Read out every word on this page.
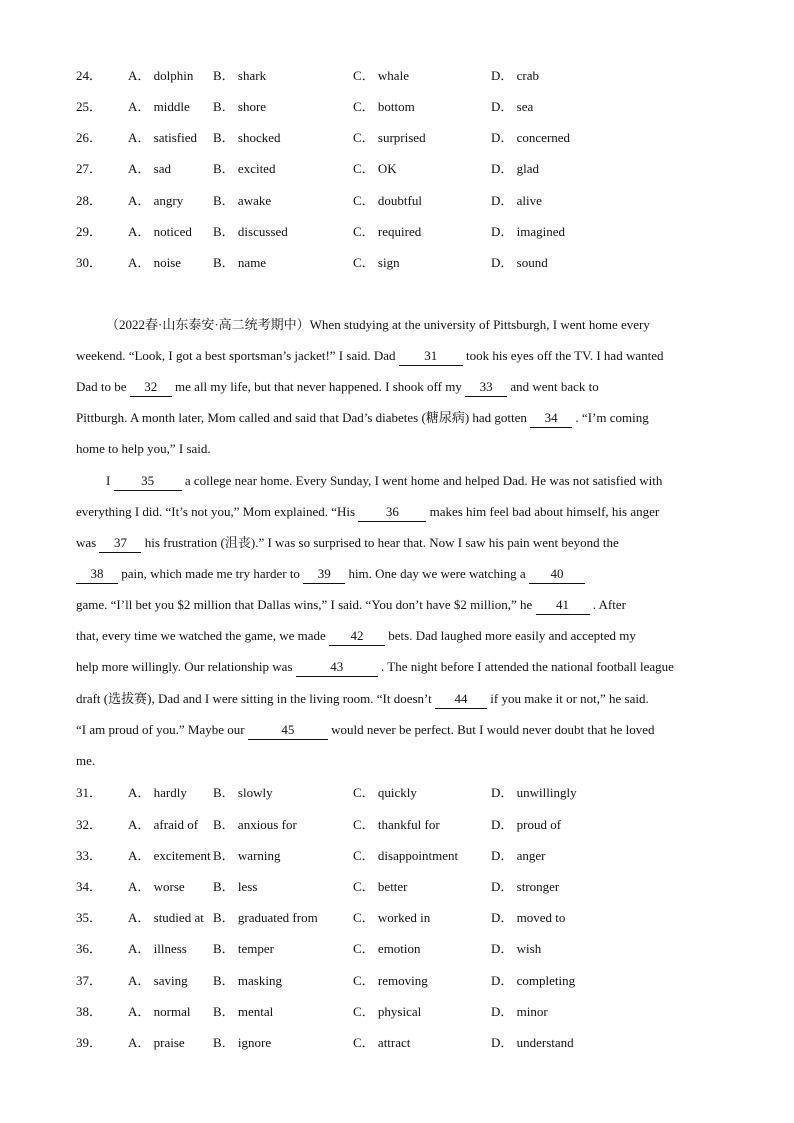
24． A． dolphin B． shark	C． whale	D． crab
25． A． middle B． shore	C． bottom	D． sea
26． A． satisfied B． shocked	C． surprised	D． concerned
27． A． sad	B． excited	C． OK	D． glad
28． A． angry B． awake	C． doubtful	D． alive
29． A． noticed B． discussed	C． required	D． imagined
30． A． noise B． name	C． sign	D． sound
（2022春·山东泰安·高二统考期中）When studying at the university of Pittsburgh, I went home every
weekend. “Look, I got a best sportsman’s jacket!” I said. Dad 31 took his eyes off the TV. I had wanted
Dad to be 32 me all my life, but that never happened. I shook off my 33 and went back to
Pittburgh. A month later, Mom called and said that Dad’s diabetes (糖尿病) had gotten 34 . “I’m coming
home to help you,” I said.
I 35 a college near home. Every Sunday, I went home and helped Dad. He was not satisfied with
everything I did. “It’s not you,” Mom explained. “His 36 makes him feel bad about himself, his anger
was 37 his frustration (沮丧).” I was so surprised to hear that. Now I saw his pain went beyond the
38 pain, which made me try harder to 39 him. One day we were watching a 40
game. “I’ll bet you $2 million that Dallas wins,” I said. “You don’t have $2 million,” he 41 . After
that, every time we watched the game, we made 42 bets. Dad laughed more easily and accepted my
help more willingly. Our relationship was	43	. The night before I attended the national football league
draft (选拔赛), Dad and I were sitting in the living room. “It doesn’t 44 if you make it or not,” he said.
“I am proud of you.” Maybe our	45	would never be perfect. But I would never doubt that he loved
me.
31． A． hardly B． slowly	C． quickly	D． unwillingly
32． A． afraid of B． anxious for	C． thankful for	D． proud of
33． A． excitement B． warning	C． disappointment	D． anger
34． A． worse B． less	C． better	D． stronger
35． A． studied at B． graduated from	C． worked in	D． moved to
36． A． illness B． temper	C． emotion	D． wish
37． A． saving B． masking	C． removing	D． completing
38． A． normal B． mental	C． physical	D． minor
39． A． praise B． ignore	C． attract	D． understand
